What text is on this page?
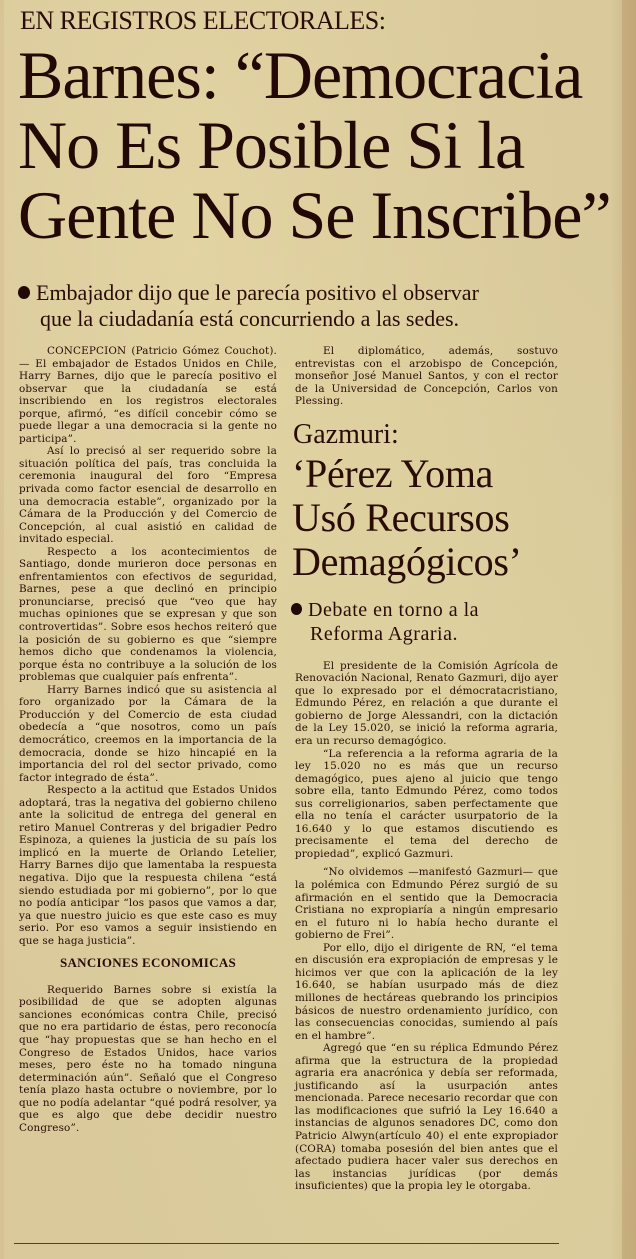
EN REGISTROS ELECTORALES:
Barnes: “Democracia
No Es Posible Si la
Gente No Se Inscribe”
Embajador dijo que le parecía positivo el observar
que la ciudadanía está concurriendo a las sedes.

CONCEPCION (Patricio Gómez Couchot).— El embajador de Estados Unidos en Chile, Harry Barnes, dijo que le parecía positivo el observar que la ciudadanía se está inscribiendo en los registros electorales porque, afirmó, “es difícil concebir cómo se puede llegar a una democracia si la gente no participa”.

Así lo precisó al ser requerido sobre la situación política del país, tras concluida la ceremonia inaugural del foro “Empresa privada como factor esencial de desarrollo en una democracia estable”, organizado por la Cámara de la Producción y del Comercio de Concepción, al cual asistió en calidad de invitado especial.

Respecto a los acontecimientos de Santiago, donde murieron doce personas en enfrentamientos con efectivos de seguridad, Barnes, pese a que declinó en principio pronunciarse, precisó que “veo que hay muchas opiniones que se expresan y que son controvertidas”. Sobre esos hechos reiteró que la posición de su gobierno es que “siempre hemos dicho que condenamos la violencia, porque ésta no contribuye a la solución de los problemas que cualquier país enfrenta”.

Harry Barnes indicó que su asistencia al foro organizado por la Cámara de la Producción y del Comercio de esta ciudad obedecía a “que nosotros, como un país democrático, creemos en la importancia de la democracia, donde se hizo hincapié en la importancia del rol del sector privado, como factor integrado de ésta”.

Respecto a la actitud que Estados Unidos adoptará, tras la negativa del gobierno chileno ante la solicitud de entrega del general en retiro Manuel Contreras y del brigadier Pedro Espinoza, a quienes la justicia de su país los implicó en la muerte de Orlando Letelier, Harry Barnes dijo que lamentaba la respuesta negativa. Dijo que la respuesta chilena “está siendo estudiada por mi gobierno”, por lo que no podía anticipar “los pasos que vamos a dar, ya que nuestro juicio es que este caso es muy serio. Por eso vamos a seguir insistiendo en que se haga justicia”.

SANCIONES ECONOMICAS

Requerido Barnes sobre si existía la posibilidad de que se adopten algunas sanciones económicas contra Chile, precisó que no era partidario de éstas, pero reconocía que “hay propuestas que se han hecho en el Congreso de Estados Unidos, hace varios meses, pero éste no ha tomado ninguna determinación aún”. Señaló que el Congreso tenía plazo hasta octubre o noviembre, por lo que no podía adelantar “qué podrá resolver, ya que es algo que debe decidir nuestro Congreso”.

El diplomático, además, sostuvo entrevistas con el arzobispo de Concepción, monseñor José Manuel Santos, y con el rector de la Universidad de Concepción, Carlos von Plessing.

Gazmuri:
‘Pérez Yoma
Usó Recursos
Demagógicos’
Debate en torno a la
Reforma Agraria.

El presidente de la Comisión Agrícola de Renovación Nacional, Renato Gazmuri, dijo ayer que lo expresado por el démocratacristiano, Edmundo Pérez, en relación a que durante el gobierno de Jorge Alessandri, con la dictación de la Ley 15.020, se inició la reforma agraria, era un recurso demagógico.

“La referencia a la reforma agraria de la ley 15.020 no es más que un recurso demagógico, pues ajeno al juicio que tengo sobre ella, tanto Edmundo Pérez, como todos sus correligionarios, saben perfectamente que ella no tenía el carácter usurpatorio de la 16.640 y lo que estamos discutiendo es precisamente el tema del derecho de propiedad”, explicó Gazmuri.

“No olvidemos —manifestó Gazmuri— que la polémica con Edmundo Pérez surgió de su afirmación en el sentido que la Democracia Cristiana no expropiaría a ningún empresario en el futuro ni lo había hecho durante el gobierno de Frei”.

Por ello, dijo el dirigente de RN, “el tema en discusión era expropiación de empresas y le hicimos ver que con la aplicación de la ley 16.640, se habían usurpado más de diez millones de hectáreas quebrando los principios básicos de nuestro ordenamiento jurídico, con las consecuencias conocidas, sumiendo al país en el hambre”.

Agregó que “en su réplica Edmundo Pérez afirma que la estructura de la propiedad agraria era anacrónica y debía ser reformada, justificando así la usurpación antes mencionada. Parece necesario recordar que con las modificaciones que sufrió la Ley 16.640 a instancias de algunos senadores DC, como don Patricio Alwyn(artículo 40) el ente expropiador (CORA) tomaba posesión del bien antes que el afectado pudiera hacer valer sus derechos en las instancias jurídicas (por demás insuficientes) que la propia ley le otorgaba.
